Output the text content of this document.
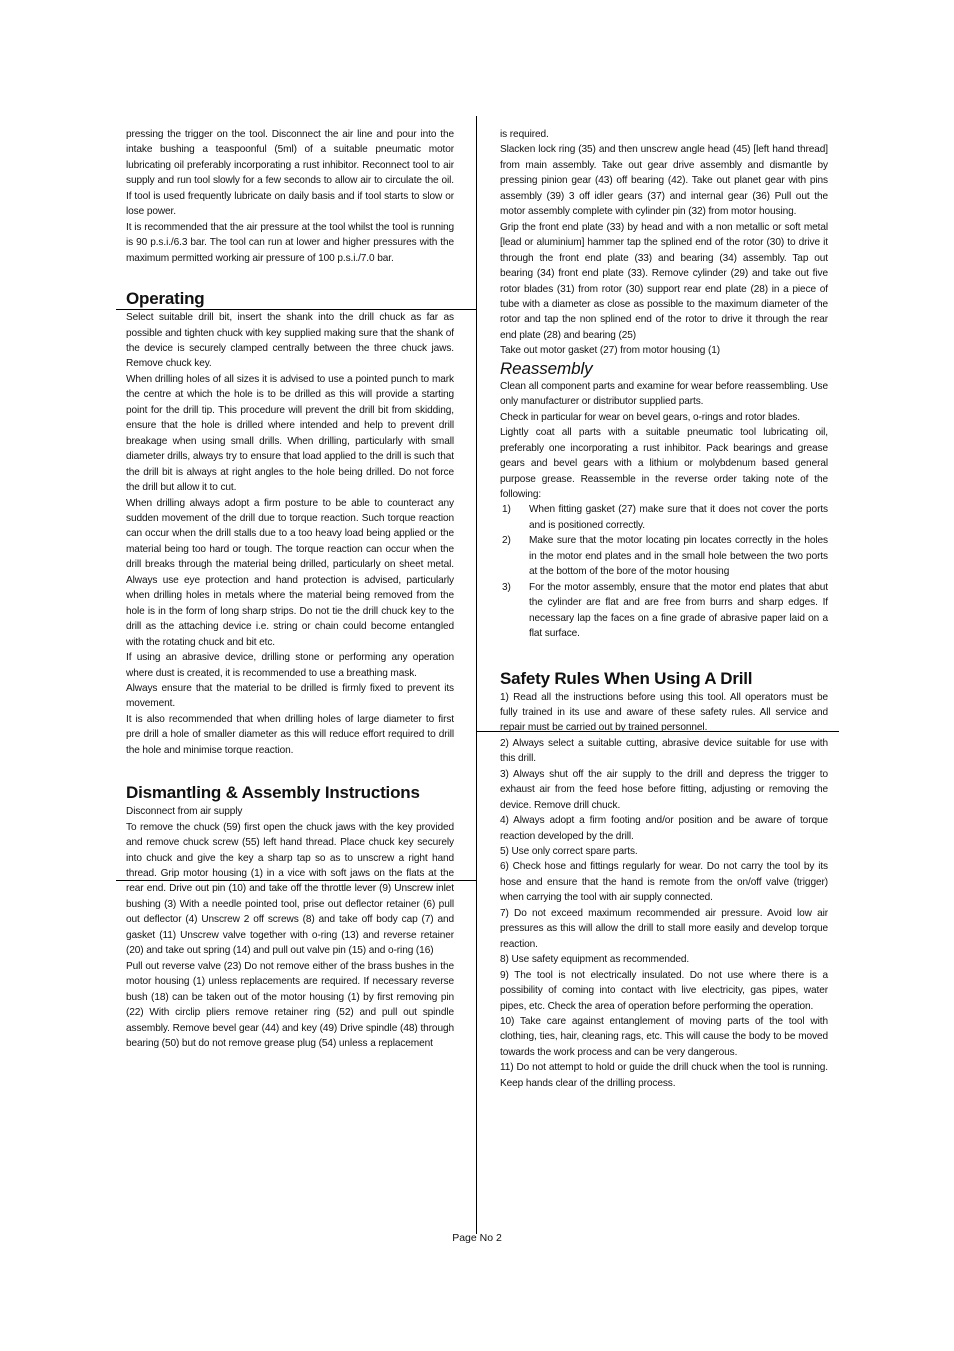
pressing the trigger on the tool. Disconnect the air line and pour into the intake bushing a teaspoonful (5ml) of a suitable pneumatic motor lubricating oil preferably incorporating a rust inhibitor. Reconnect tool to air supply and run tool slowly for a few seconds to allow air to circulate the oil. If tool is used frequently lubricate on daily basis and if tool starts to slow or lose power.

It is recommended that the air pressure at the tool whilst the tool is running is 90 p.s.i./6.3 bar. The tool can run at lower and higher pressures with the maximum permitted working air pressure of 100 p.s.i./7.0 bar.

Operating

Select suitable drill bit, insert the shank into the drill chuck as far as possible and tighten chuck with key supplied making sure that the shank of the device is securely clamped centrally between the three chuck jaws. Remove chuck key.

When drilling holes of all sizes it is advised to use a pointed punch to mark the centre at which the hole is to be drilled as this will provide a starting point for the drill tip. This procedure will prevent the drill bit from skidding, ensure that the hole is drilled where intended and help to prevent drill breakage when using small drills. When drilling, particularly with small diameter drills, always try to ensure that load applied to the drill is such that the drill bit is always at right angles to the hole being drilled. Do not force the drill but allow it to cut.

When drilling always adopt a firm posture to be able to counteract any sudden movement of the drill due to torque reaction. Such torque reaction can occur when the drill stalls due to a too heavy load being applied or the material being too hard or tough. The torque reaction can occur when the drill breaks through the material being drilled, particularly on sheet metal. Always use eye protection and hand protection is advised, particularly when drilling holes in metals where the material being removed from the hole is in the form of long sharp strips. Do not tie the drill chuck key to the drill as the attaching device i.e. string or chain could become entangled with the rotating chuck and bit etc.

If using an abrasive device, drilling stone or performing any operation where dust is created, it is recommended to use a breathing mask.

Always ensure that the material to be drilled is firmly fixed to prevent its movement.

It is also recommended that when drilling holes of large diameter to first pre drill a hole of smaller diameter as this will reduce effort required to drill the hole and minimise torque reaction.

Dismantling & Assembly Instructions

Disconnect from air supply

To remove the chuck (59) first open the chuck jaws with the key provided and remove chuck screw (55) left hand thread. Place chuck key securely into chuck and give the key a sharp tap so as to unscrew a right hand thread. Grip motor housing (1) in a vice with soft jaws on the flats at the rear end. Drive out pin (10) and take off the throttle lever (9) Unscrew inlet bushing (3) With a needle pointed tool, prise out deflector retainer (6) pull out deflector (4) Unscrew 2 off screws (8) and take off body cap (7) and gasket (11) Unscrew valve together with o-ring (13) and reverse retainer (20) and take out spring (14) and pull out valve pin (15) and o-ring (16)

Pull out reverse valve (23) Do not remove either of the brass bushes in the motor housing (1) unless replacements are required. If necessary reverse bush (18) can be taken out of the motor housing (1) by first removing pin (22) With circlip pliers remove retainer ring (52) and pull out spindle assembly. Remove bevel gear (44) and key (49) Drive spindle (48) through bearing (50) but do not remove grease plug (54) unless a replacement

is required.

Slacken lock ring (35) and then unscrew angle head (45) [left hand thread] from main assembly. Take out gear drive assembly and dismantle by pressing pinion gear (43) off bearing (42). Take out planet gear with pins assembly (39) 3 off idler gears (37) and internal gear (36) Pull out the motor assembly complete with cylinder pin (32) from motor housing.

Grip the front end plate (33) by head and with a non metallic or soft metal [lead or aluminium] hammer tap the splined end of the rotor (30) to drive it through the front end plate (33) and bearing (34) assembly. Tap out bearing (34) front end plate (33). Remove cylinder (29) and take out five rotor blades (31) from rotor (30) support rear end plate (28) in a piece of tube with a diameter as close as possible to the maximum diameter of the rotor and tap the non splined end of the rotor to drive it through the rear end plate (28) and bearing (25)

Take out motor gasket (27) from motor housing (1)

Reassembly

Clean all component parts and examine for wear before reassembling. Use only manufacturer or distributor supplied parts.

Check in particular for wear on bevel gears, o-rings and rotor blades.

Lightly coat all parts with a suitable pneumatic tool lubricating oil, preferably one incorporating a rust inhibitor. Pack bearings and grease gears and bevel gears with a lithium or molybdenum based general purpose grease. Reassemble in the reverse order taking note of the following:

1) When fitting gasket (27) make sure that it does not cover the ports and is positioned correctly.
2) Make sure that the motor locating pin locates correctly in the holes in the motor end plates and in the small hole between the two ports at the bottom of the bore of the motor housing
3) For the motor assembly, ensure that the motor end plates that abut the cylinder are flat and are free from burrs and sharp edges. If necessary lap the faces on a fine grade of abrasive paper laid on a flat surface.
Safety Rules When Using A Drill

1) Read all the instructions before using this tool. All operators must be fully trained in its use and aware of these safety rules. All service and repair must be carried out by trained personnel.

2) Always select a suitable cutting, abrasive device suitable for use with this drill.

3) Always shut off the air supply to the drill and depress the trigger to exhaust air from the feed hose before fitting, adjusting or removing the device. Remove drill chuck.

4) Always adopt a firm footing and/or position and be aware of torque reaction developed by the drill.

5) Use only correct spare parts.

6) Check hose and fittings regularly for wear. Do not carry the tool by its hose and ensure that the hand is remote from the on/off valve (trigger) when carrying the tool with air supply connected.

7) Do not exceed maximum recommended air pressure. Avoid low air pressures as this will allow the drill to stall more easily and develop torque reaction.

8) Use safety equipment as recommended.

9) The tool is not electrically insulated. Do not use where there is a possibility of coming into contact with live electricity, gas pipes, water pipes, etc. Check the area of operation before performing the operation.

10) Take care against entanglement of moving parts of the tool with clothing, ties, hair, cleaning rags, etc. This will cause the body to be moved towards the work process and can be very dangerous.

11) Do not attempt to hold or guide the drill chuck when the tool is running. Keep hands clear of the drilling process.

Page No 2
